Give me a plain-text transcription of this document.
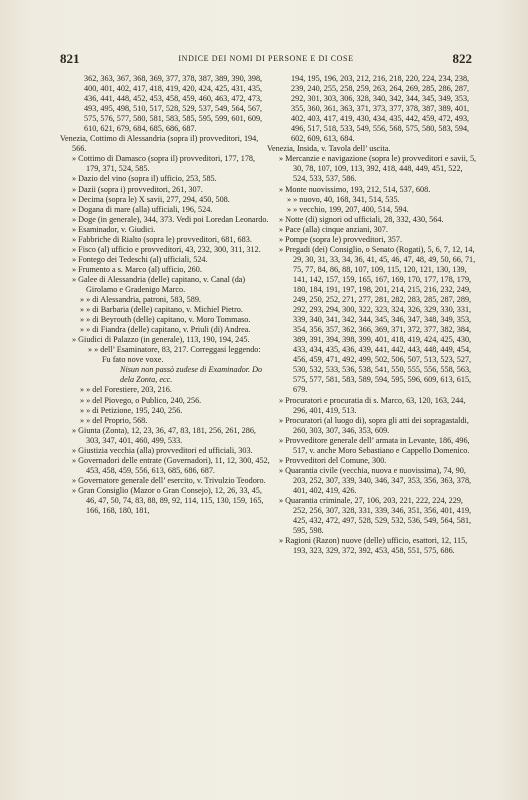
821	INDICE DEI NOMI DI PERSONE E DI COSE	822

362, 363, 367, 368, 369, 377, 378, 387, 389, 390, 398, 400, 401, 402, 417, 418, 419, 420, 424, 425, 431, 435, 436, 441, 448, 452, 453, 458, 459, 460, 463, 472, 473, 493, 495, 498, 510, 517, 528, 529, 537, 549, 564, 567, 575, 576, 577, 580, 581, 583, 585, 595, 599, 601, 609, 610, 621, 679, 684, 685, 686, 687.

Venezia, Cottimo di Alessandria (sopra il) provveditori, 194, 566.

» Cottimo di Damasco (sopra il) provveditori, 177, 178, 179, 371, 524, 585.

» Dazio del vino (sopra il) ufficio, 253, 585.

» Dazii (sopra i) provveditori, 261, 307.

» Decima (sopra le) X savii, 277, 294, 450, 508.

» Dogana di mare (alla) ufficiali, 196, 524.

» Doge (in generale), 344, 373. Vedi poi Loredan Leonardo.

» Esaminador, v. Giudici.

» Fabbriche di Rialto (sopra le) provveditori, 681, 683.

» Fisco (al) ufficio e provveditori, 43, 232, 300, 311, 312.

» Fontego dei Tedeschi (al) ufficiali, 524.

» Frumento a s. Marco (al) ufficio, 260.

» Galee di Alessandria (delle) capitano, v. Canal (da) Girolamo e Gradenigo Marco.

» » di Alessandria, patroni, 583, 589.

» » di Barbaria (delle) capitano, v. Michiel Pietro.

» » di Beyrouth (delle) capitano, v. Moro Tommaso.

» » di Fiandra (delle) capitano, v. Priuli (di) Andrea.

» Giudici di Palazzo (in generale), 113, 190, 194, 245.

» » dell’ Esaminatore, 83, 217. Correggasi leggendo: Fu fato nove voxe.

Nisun non passò zudese di Examinador. Do dela Zonta, ecc.

» » del Forestiere, 203, 216.

» » del Piovego, o Publico, 240, 256.

» » di Petizione, 195, 240, 256.

» » del Proprio, 568.

» Giunta (Zonta), 12, 23, 36, 47, 83, 181, 256, 261, 286, 303, 347, 401, 460, 499, 533.

» Giustizia vecchia (alla) provveditori ed ufficiali, 303.

» Governadori delle entrate (Governadori), 11, 12, 300, 452, 453, 458, 459, 556, 613, 685, 686, 687.

» Governatore generale dell’ esercito, v. Trivulzio Teodoro.

» Gran Consiglio (Mazor o Gran Consejo), 12, 26, 33, 45, 46, 47, 50, 74, 83, 88, 89, 92, 114, 115, 130, 159, 165, 166, 168, 180, 181,

194, 195, 196, 203, 212, 216, 218, 220, 224, 234, 238, 239, 240, 255, 258, 259, 263, 264, 269, 285, 286, 287, 292, 301, 303, 306, 328, 340, 342, 344, 345, 349, 353, 355, 360, 361, 363, 371, 373, 377, 378, 387, 389, 401, 402, 403, 417, 419, 430, 434, 435, 442, 459, 472, 493, 496, 517, 518, 533, 549, 556, 568, 575, 580, 583, 594, 602, 609, 613, 684.

Venezia, Insida, v. Tavola dell’ uscita.

» Mercanzie e navigazione (sopra le) provveditori e savii, 5, 30, 78, 107, 109, 113, 392, 418, 448, 449, 451, 522, 524, 533, 537, 586.

» Monte nuovissimo, 193, 212, 514, 537, 608.

» » nuovo, 40, 168, 341, 514, 535.

» » vecchio, 199, 207, 400, 514, 594.

» Notte (di) signori od ufficiali, 28, 332, 430, 564.

» Pace (alla) cinque anziani, 307.

» Pompe (sopra le) provveditori, 357.

» Pregadi (dei) Consiglio, o Senato (Rogati), 5, 6, 7, 12, 14, 29, 30, 31, 33, 34, 36, 41, 45, 46, 47, 48, 49, 50, 66, 71, 75, 77, 84, 86, 88, 107, 109, 115, 120, 121, 130, 139, 141, 142, 157, 159, 165, 167, 169, 170, 177, 178, 179, 180, 184, 191, 197, 198, 201, 214, 215, 216, 232, 249, 249, 250, 252, 271, 277, 281, 282, 283, 285, 287, 289, 292, 293, 294, 300, 322, 323, 324, 326, 329, 330, 331, 339, 340, 341, 342, 344, 345, 346, 347, 348, 349, 353, 354, 356, 357, 362, 366, 369, 371, 372, 377, 382, 384, 389, 391, 394, 398, 399, 401, 418, 419, 424, 425, 430, 433, 434, 435, 436, 439, 441, 442, 443, 448, 449, 454, 456, 459, 471, 492, 499, 502, 506, 507, 513, 523, 527, 530, 532, 533, 536, 538, 541, 550, 555, 556, 558, 563, 575, 577, 581, 583, 589, 594, 595, 596, 609, 613, 615, 679.

» Procuratori e procuratia di s. Marco, 63, 120, 163, 244, 296, 401, 419, 513.

» Procuratori (al luogo di), sopra gli atti dei sopragastaldi, 260, 303, 307, 346, 353, 609.

» Provveditore generale dell’ armata in Levante, 186, 496, 517, v. anche Moro Sebastiano e Cappello Domenico.

» Provveditori del Comune, 300.

» Quarantia civile (vecchia, nuova e nuovissima), 74, 90, 203, 252, 307, 339, 340, 346, 347, 353, 356, 363, 378, 401, 402, 419, 426.

» Quarantia criminale, 27, 106, 203, 221, 222, 224, 229, 252, 256, 307, 328, 331, 339, 346, 351, 356, 401, 419, 425, 432, 472, 497, 528, 529, 532, 536, 549, 564, 581, 595, 598.

» Ragioni (Razon) nuove (delle) ufficio, esattori, 12, 115, 193, 323, 329, 372, 392, 453, 458, 551, 575, 686.
